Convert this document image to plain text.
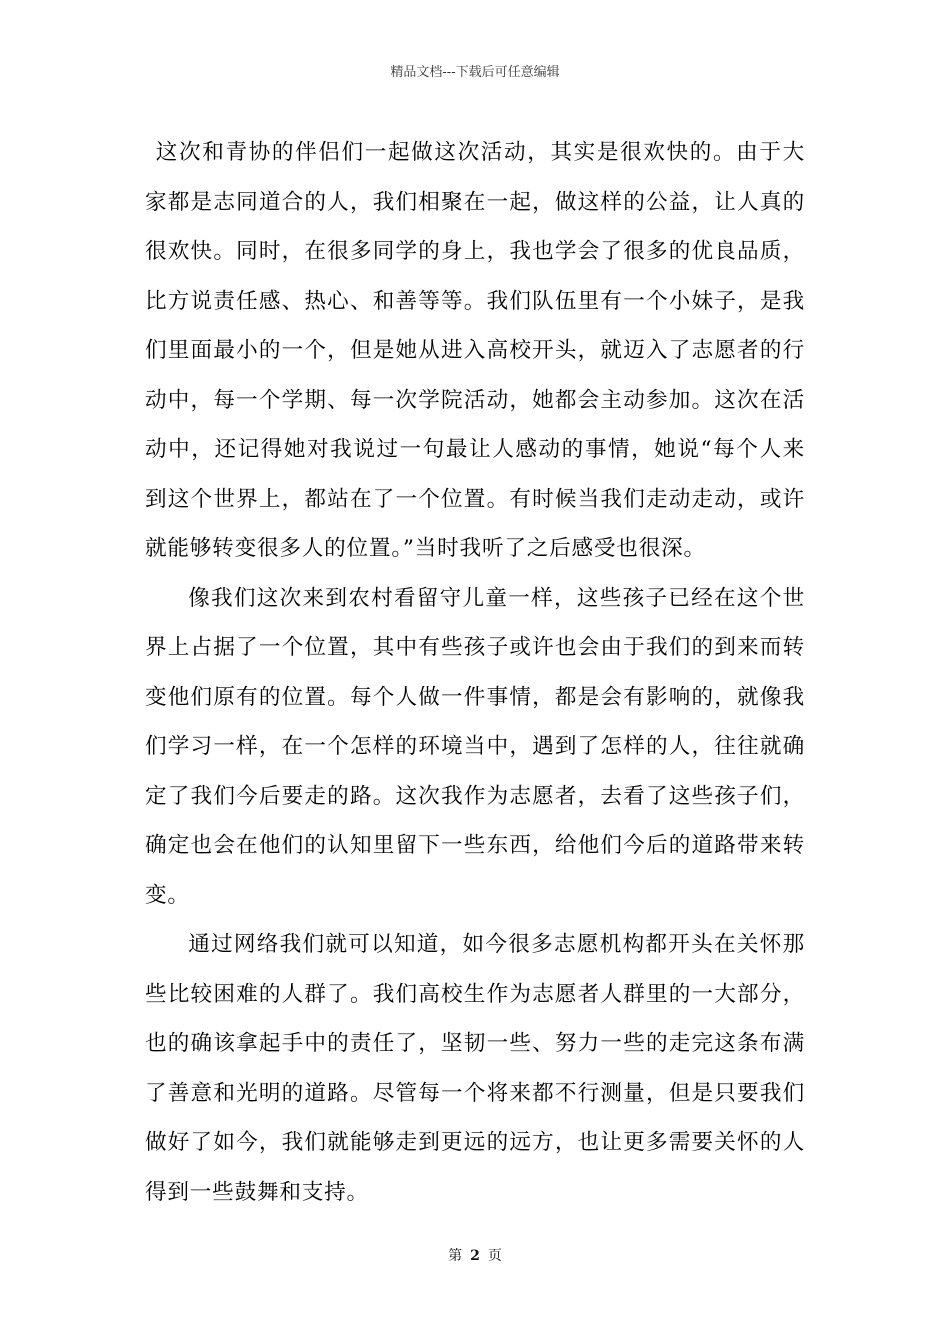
精品文档---下载后可任意编辑

这次和青协的伴侣们一起做这次活动，其实是很欢快的。由于大家都是志同道合的人，我们相聚在一起，做这样的公益，让人真的很欢快。同时，在很多同学的身上，我也学会了很多的优良品质，比方说责任感、热心、和善等等。我们队伍里有一个小妹子，是我们里面最小的一个，但是她从进入高校开头，就迈入了志愿者的行动中，每一个学期、每一次学院活动，她都会主动参加。这次在活动中，还记得她对我说过一句最让人感动的事情，她说“每个人来到这个世界上，都站在了一个位置。有时候当我们走动走动，或许就能够转变很多人的位置。”当时我听了之后感受也很深。

像我们这次来到农村看留守儿童一样，这些孩子已经在这个世界上占据了一个位置，其中有些孩子或许也会由于我们的到来而转变他们原有的位置。每个人做一件事情，都是会有影响的，就像我们学习一样，在一个怎样的环境当中，遇到了怎样的人，往往就确定了我们今后要走的路。这次我作为志愿者，去看了这些孩子们，确定也会在他们的认知里留下一些东西，给他们今后的道路带来转变。

通过网络我们就可以知道，如今很多志愿机构都开头在关怀那些比较困难的人群了。我们高校生作为志愿者人群里的一大部分，也的确该拿起手中的责任了，坚韧一些、努力一些的走完这条布满了善意和光明的道路。尽管每一个将来都不行测量，但是只要我们做好了如今，我们就能够走到更远的远方，也让更多需要关怀的人得到一些鼓舞和支持。

第 2 页
